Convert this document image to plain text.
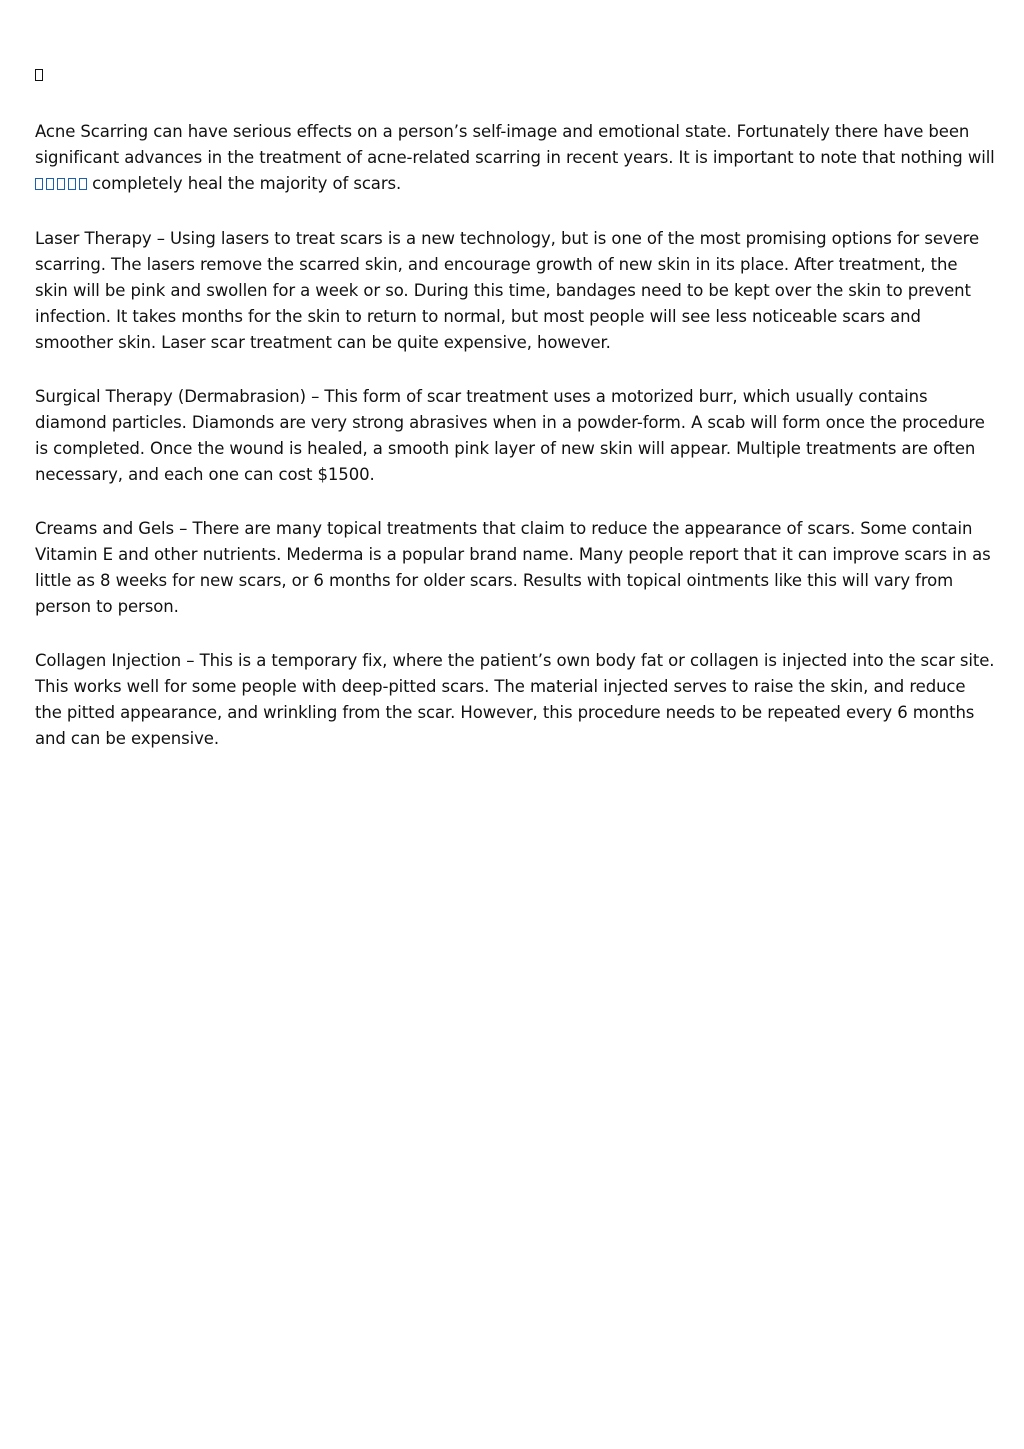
Acne Scarring can have serious effects on a person’s self-image and emotional state. Fortunately there have been significant advances in the treatment of acne-related scarring in recent years. It is important to note that nothing will  completely heal the majority of scars.

Laser Therapy – Using lasers to treat scars is a new technology, but is one of the most promising options for severe scarring. The lasers remove the scarred skin, and encourage growth of new skin in its place. After treatment, the skin will be pink and swollen for a week or so. During this time, bandages need to be kept over the skin to prevent infection. It takes months for the skin to return to normal, but most people will see less noticeable scars and smoother skin. Laser scar treatment can be quite expensive, however.

Surgical Therapy (Dermabrasion) – This form of scar treatment uses a motorized burr, which usually contains diamond particles. Diamonds are very strong abrasives when in a powder-form. A scab will form once the procedure is completed. Once the wound is healed, a smooth pink layer of new skin will appear. Multiple treatments are often necessary, and each one can cost $1500.

Creams and Gels – There are many topical treatments that claim to reduce the appearance of scars. Some contain Vitamin E and other nutrients. Mederma is a popular brand name. Many people report that it can improve scars in as little as 8 weeks for new scars, or 6 months for older scars. Results with topical ointments like this will vary from person to person.

Collagen Injection – This is a temporary fix, where the patient’s own body fat or collagen is injected into the scar site. This works well for some people with deep-pitted scars. The material injected serves to raise the skin, and reduce the pitted appearance, and wrinkling from the scar. However, this procedure needs to be repeated every 6 months and can be expensive.
